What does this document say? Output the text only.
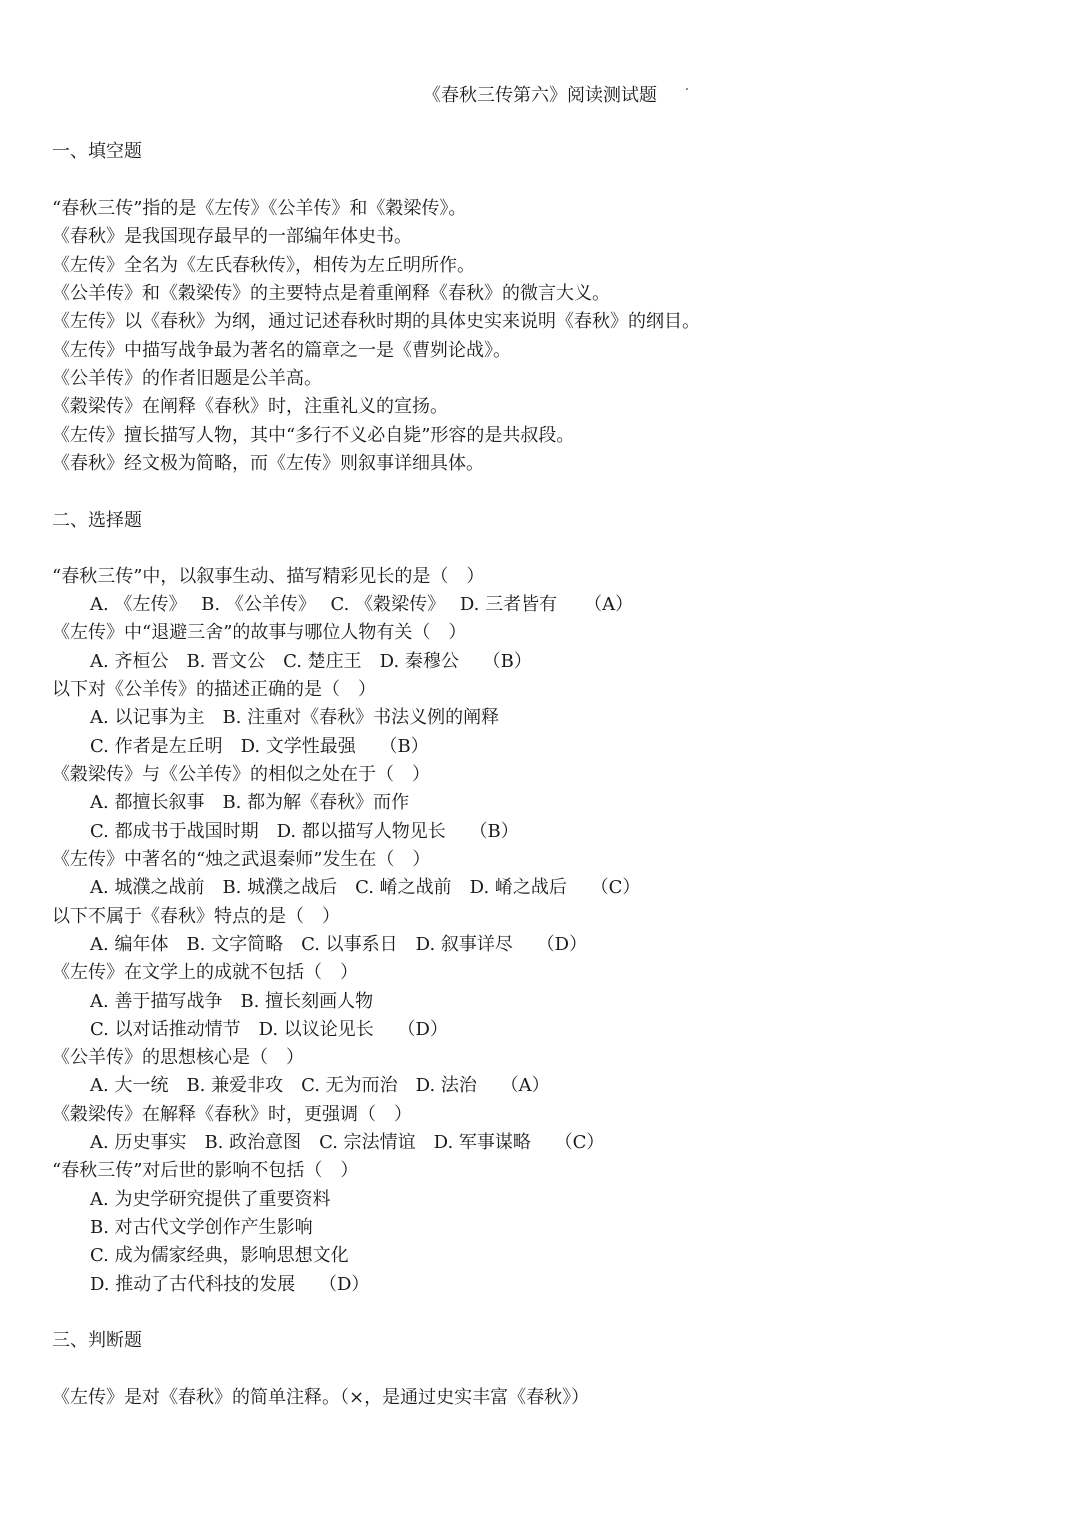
《春秋三传第六》阅读测试题
一、填空题
“春秋三传”指的是《左传》《公羊传》和《穀梁传》。
《春秋》是我国现存最早的一部编年体史书。
《左传》全名为《左氏春秋传》，相传为左丘明所作。
《公羊传》和《穀梁传》的主要特点是着重阐释《春秋》的微言大义。
《左传》以《春秋》为纲，通过记述春秋时期的具体史实来说明《春秋》的纲目。
《左传》中描写战争最为著名的篇章之一是《曹刿论战》。
《公羊传》的作者旧题是公羊高。
《穀梁传》在阐释《春秋》时，注重礼义的宣扬。
《左传》擅长描写人物，其中“多行不义必自毙”形容的是共叔段。
《春秋》经文极为简略，而《左传》则叙事详细具体。
二、选择题
“春秋三传”中，以叙事生动、描写精彩见长的是（　）
A. 《左传》　 B. 《公羊传》　 C. 《穀梁传》　 D. 三者皆有　　（A）
《左传》中“退避三舍”的故事与哪位人物有关（　）
A. 齐桓公　B. 晋文公　C. 楚庄王　D. 秦穆公　 （B）
以下对《公羊传》的描述正确的是（　）
A. 以记事为主　B. 注重对《春秋》书法义例的阐释
C. 作者是左丘明　D. 文学性最强　 （B）
《穀梁传》与《公羊传》的相似之处在于（　）
A. 都擅长叙事　B. 都为解《春秋》而作
C. 都成书于战国时期　D. 都以描写人物见长　 （B）
《左传》中著名的“烛之武退秦师”发生在（　）
A. 城濮之战前　B. 城濮之战后　C. 崤之战前　D. 崤之战后　 （C）
以下不属于《春秋》特点的是（　）
A. 编年体　B. 文字简略　C. 以事系日　D. 叙事详尽　 （D）
《左传》在文学上的成就不包括（　）
A. 善于描写战争　B. 擅长刻画人物
C. 以对话推动情节　D. 以议论见长　 （D）
《公羊传》的思想核心是（　）
A. 大一统　B. 兼爱非攻　C. 无为而治　D. 法治　 （A）
《穀梁传》在解释《春秋》时，更强调（　）
A. 历史事实　B. 政治意图　C. 宗法情谊　D. 军事谋略　 （C）
“春秋三传”对后世的影响不包括（　）
A. 为史学研究提供了重要资料
B. 对古代文学创作产生影响
C. 成为儒家经典，影响思想文化
D. 推动了古代科技的发展　 （D）
三、判断题
《左传》是对《春秋》的简单注释。（×，是通过史实丰富《春秋》）
